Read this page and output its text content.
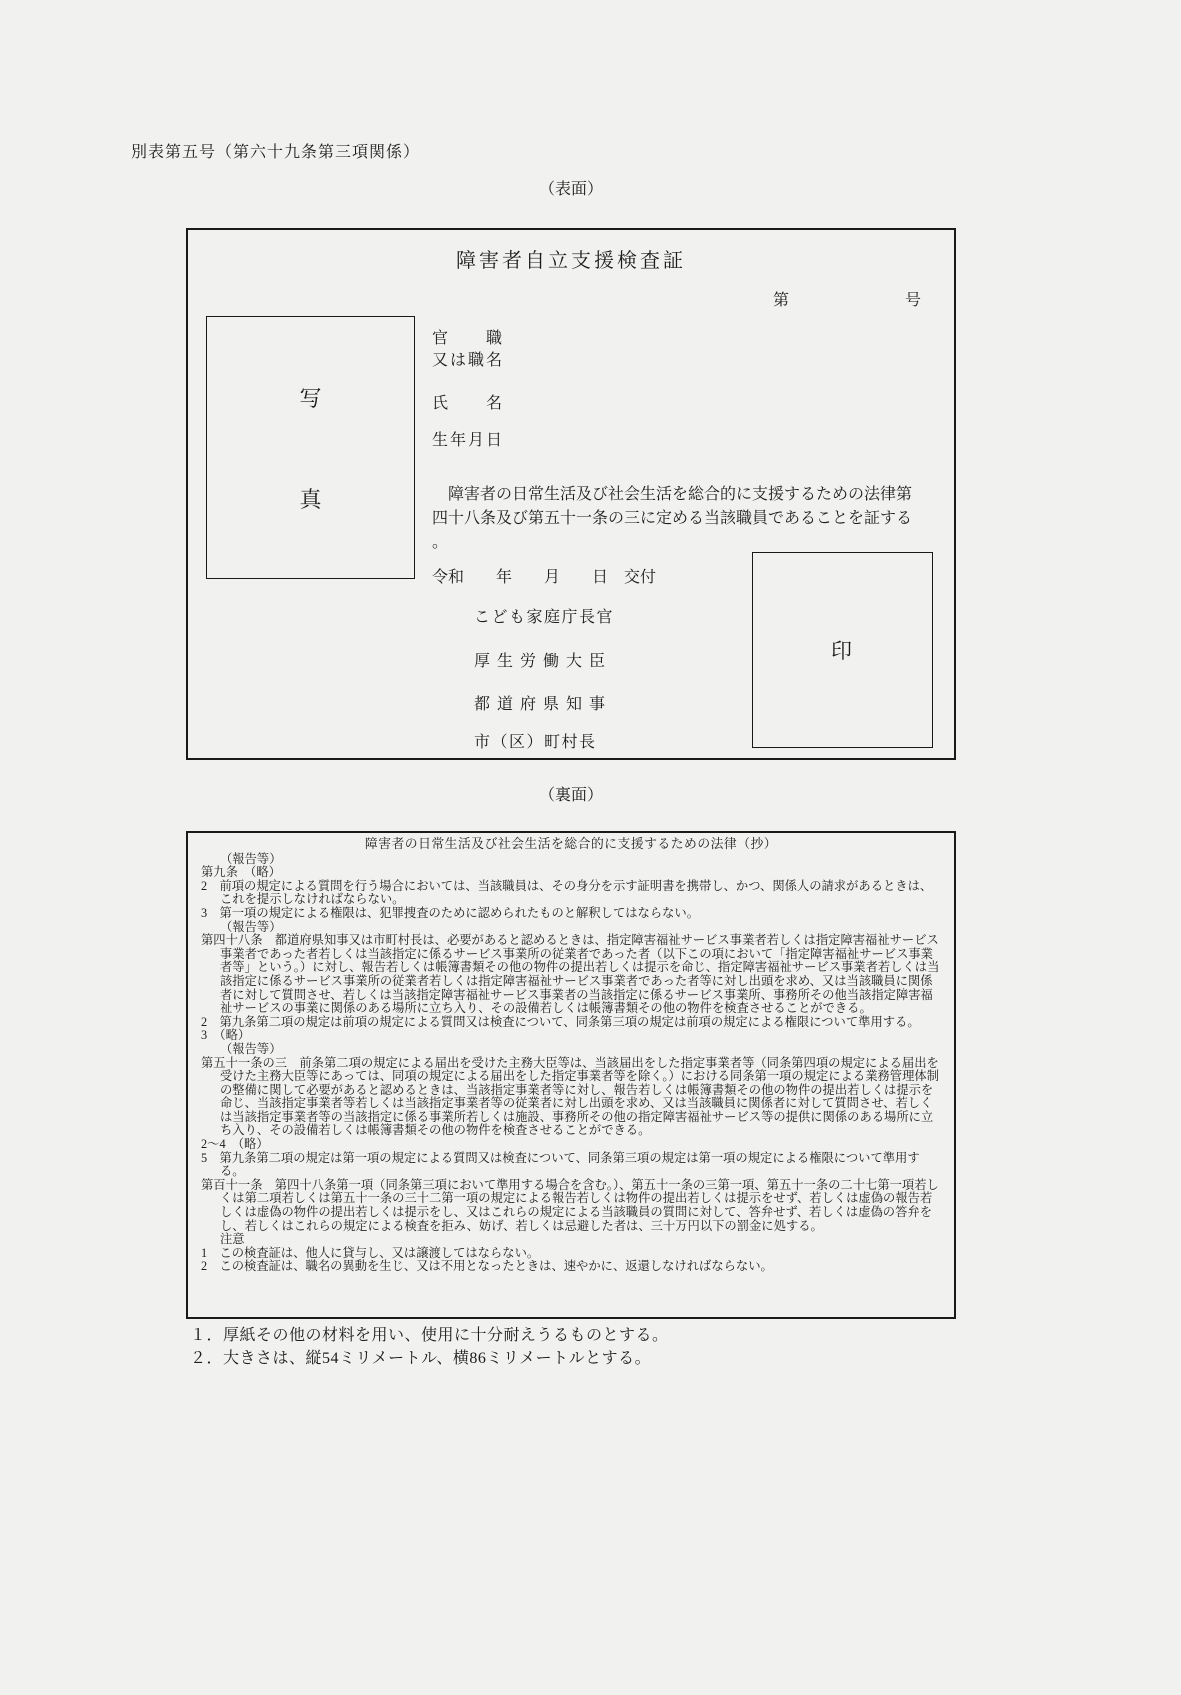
別表第五号（第六十九条第三項関係）
（表面）
障害者自立支援検査証
第	号
写
真
官　　職
又は職名
氏　　名
生年月日
　障害者の日常生活及び社会生活を総合的に支援するための法律第四十八条及び第五十一条の三に定める当該職員であることを証する。
令和　　年　　月　　日　交付
こども家庭庁長官
厚 生 労 働 大 臣
都 道 府 県 知 事
市（区）町村長
印
（裏面）
障害者の日常生活及び社会生活を総合的に支援するための法律（抄）
（報告等）
第九条　（略）
2　前項の規定による質問を行う場合においては、当該職員は、その身分を示す証明書を携帯し、かつ、関係人の請求があるときは、これを提示しなければならない。
3　第一項の規定による権限は、犯罪捜査のために認められたものと解釈してはならない。
（報告等）
第四十八条　都道府県知事又は市町村長は、必要があると認めるときは、指定障害福祉サービス事業者若しくは指定障害福祉サービス事業者であった者若しくは当該指定に係るサービス事業所の従業者であった者（以下この項において「指定障害福祉サービス事業者等」という。）に対し、報告若しくは帳簿書類その他の物件の提出若しくは提示を命じ、指定障害福祉サービス事業者若しくは当該指定に係るサービス事業所の従業者若しくは指定障害福祉サービス事業者であった者等に対し出頭を求め、又は当該職員に関係者に対して質問させ、若しくは当該指定障害福祉サービス事業者の当該指定に係るサービス事業所、事務所その他当該指定障害福祉サービスの事業に関係のある場所に立ち入り、その設備若しくは帳簿書類その他の物件を検査させることができる。
2　第九条第二項の規定は前項の規定による質問又は検査について、同条第三項の規定は前項の規定による権限について準用する。
3　（略）
（報告等）
第五十一条の三　前条第二項の規定による届出を受けた主務大臣等は、当該届出をした指定事業者等（同条第四項の規定による届出を受けた主務大臣等にあっては、同項の規定による届出をした指定事業者等を除く。）における同条第一項の規定による業務管理体制の整備に関して必要があると認めるときは、当該指定事業者等に対し、報告若しくは帳簿書類その他の物件の提出若しくは提示を命じ、当該指定事業者等若しくは当該指定事業者等の従業者に対し出頭を求め、又は当該職員に関係者に対して質問させ、若しくは当該指定事業者等の当該指定に係る事業所若しくは施設、事務所その他の指定障害福祉サービス等の提供に関係のある場所に立ち入り、その設備若しくは帳簿書類その他の物件を検査させることができる。
2～4　（略）
5　第九条第二項の規定は第一項の規定による質問又は検査について、同条第三項の規定は第一項の規定による権限について準用する。
第百十一条　第四十八条第一項（同条第三項において準用する場合を含む。）、第五十一条の三第一項、第五十一条の二十七第一項若しくは第二項若しくは第五十一条の三十二第一項の規定による報告若しくは物件の提出若しくは提示をせず、若しくは虚偽の報告若しくは虚偽の物件の提出若しくは提示をし、又はこれらの規定による当該職員の質問に対して、答弁せず、若しくは虚偽の答弁をし、若しくはこれらの規定による検査を拒み、妨げ、若しくは忌避した者は、三十万円以下の罰金に処する。
注意
1　この検査証は、他人に貸与し、又は譲渡してはならない。
2　この検査証は、職名の異動を生じ、又は不用となったときは、速やかに、返還しなければならない。
１．厚紙その他の材料を用い、使用に十分耐えうるものとする。
２．大きさは、縦54ミリメートル、横86ミリメートルとする。
